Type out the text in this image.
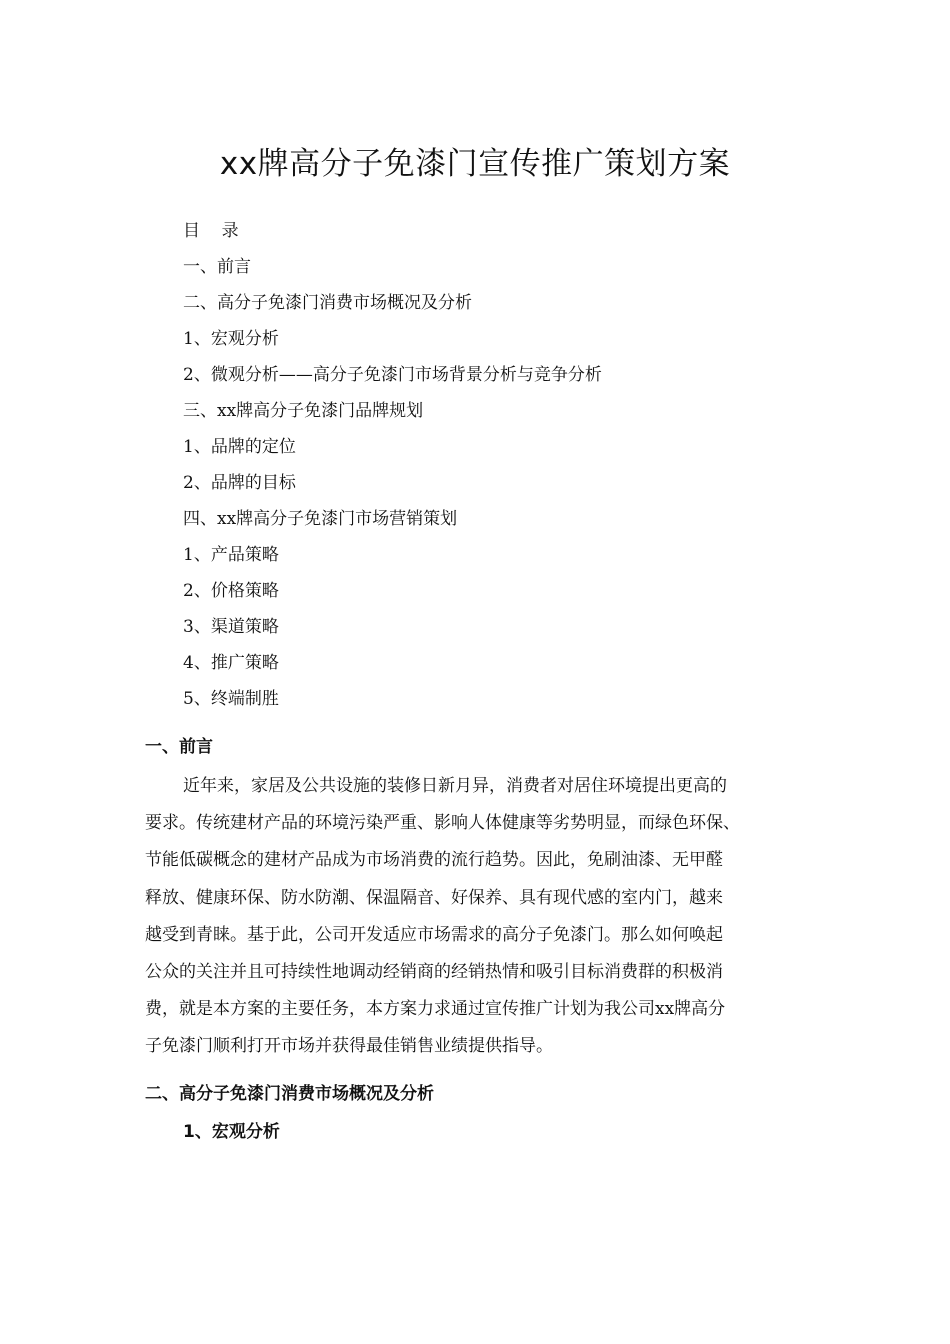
xx牌高分子免漆门宣传推广策划方案
目    录
一、前言
二、高分子免漆门消费市场概况及分析
1、宏观分析
2、微观分析——高分子免漆门市场背景分析与竞争分析
三、xx牌高分子免漆门品牌规划
1、品牌的定位
2、品牌的目标
四、xx牌高分子免漆门市场营销策划
1、产品策略
2、价格策略
3、渠道策略
4、推广策略
5、终端制胜
一、前言
近年来，家居及公共设施的装修日新月异，消费者对居住环境提出更高的
要求。传统建材产品的环境污染严重、影响人体健康等劣势明显，而绿色环保、
节能低碳概念的建材产品成为市场消费的流行趋势。因此，免刷油漆、无甲醛
释放、健康环保、防水防潮、保温隔音、好保养、具有现代感的室内门，越来
越受到青睐。基于此，公司开发适应市场需求的高分子免漆门。那么如何唤起
公众的关注并且可持续性地调动经销商的经销热情和吸引目标消费群的积极消
费，就是本方案的主要任务，本方案力求通过宣传推广计划为我公司xx牌高分
子免漆门顺利打开市场并获得最佳销售业绩提供指导。
二、高分子免漆门消费市场概况及分析
1、宏观分析
